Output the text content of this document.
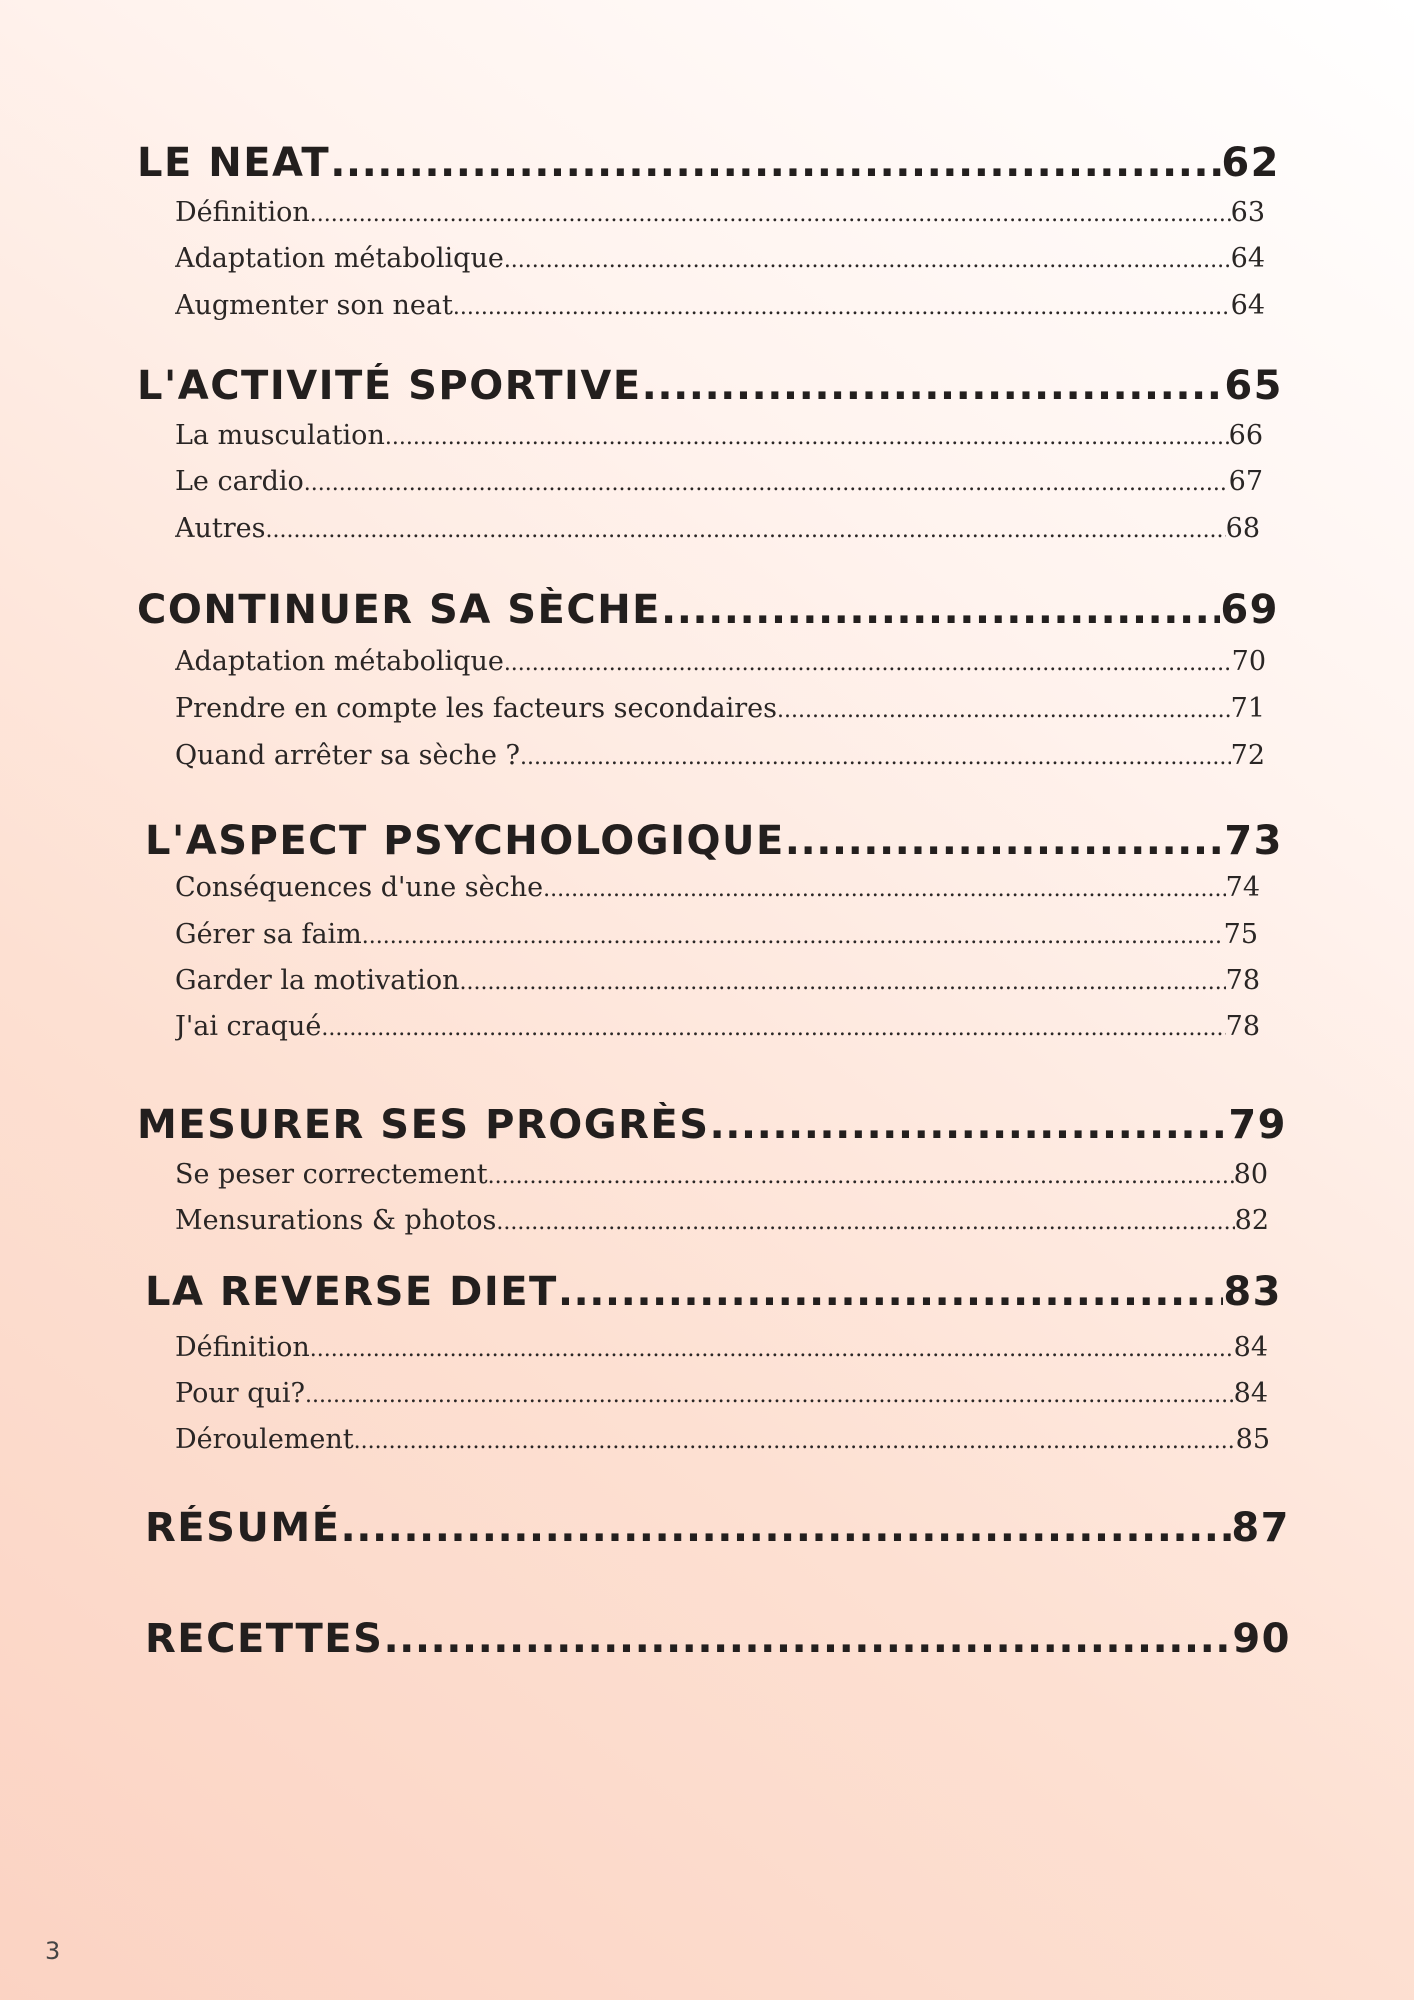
LE NEAT .....	62
Définition .....	63
Adaptation métabolique .....	64
Augmenter son neat .....	64
L'ACTIVITÉ SPORTIVE .....	65
La musculation .....	66
Le cardio .....	67
Autres .....	68
CONTINUER SA SÈCHE .....	69
Adaptation métabolique .....	70
Prendre en compte les facteurs secondaires .....	71
Quand arrêter sa sèche ? .....	72
L'ASPECT PSYCHOLOGIQUE .....	73
Conséquences d'une sèche .....	74
Gérer sa faim .....	75
Garder la motivation .....	78
J'ai craqué .....	78
MESURER SES PROGRÈS .....	79
Se peser correctement .....	80
Mensurations & photos .....	82
LA REVERSE DIET .....	83
Définition .....	84
Pour qui? .....	84
Déroulement .....	85
RÉSUMÉ .....	87
RECETTES .....	90
3
